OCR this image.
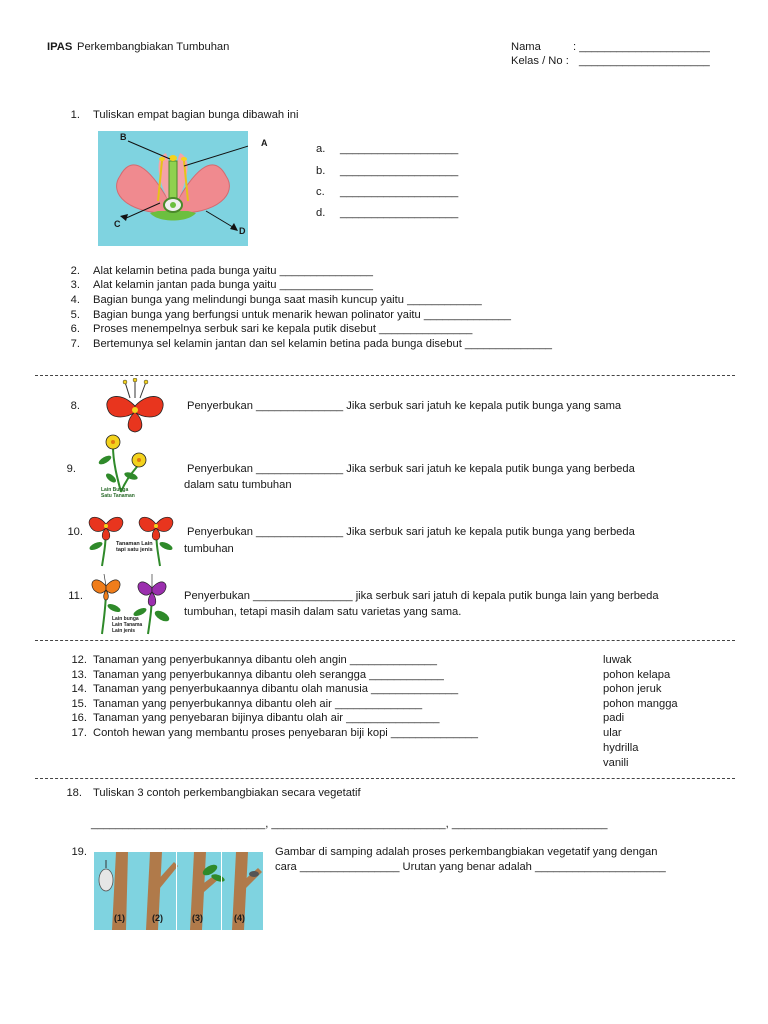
IPAS Perkembangbiakan Tumbuhan	Nama	: _____________________
Kelas / No : _____________________
1. Tuliskan empat bagian bunga dibawah ini
B
A
C
D
a. ___________________
b. ___________________
c. ___________________
d. ___________________
2. Alat kelamin betina pada bunga yaitu _______________
3. Alat kelamin jantan pada bunga yaitu _______________
4. Bagian bunga yang melindungi bunga saat masih kuncup yaitu ____________
5. Bagian bunga yang berfungsi untuk menarik hewan polinator yaitu ______________
6. Proses menempelnya serbuk sari ke kepala putik disebut _______________
7. Bertemunya sel kelamin jantan dan sel kelamin betina pada bunga disebut ______________
8.	Penyerbukan ______________ Jika serbuk sari jatuh ke kepala putik bunga yang sama
9.
Lain Bunga
Satu Tanaman
Penyerbukan ______________ Jika serbuk sari jatuh ke kepala putik bunga yang berbeda
dalam satu tumbuhan
10.
Tanaman Lain
tapi satu jenis
Penyerbukan ______________ Jika serbuk sari jatuh ke kepala putik bunga yang berbeda
tumbuhan
11.
Lain bunga
Lain Tanama
Lain jenis
Penyerbukan ________________ jika serbuk sari jatuh di kepala putik bunga lain yang berbeda
tumbuhan, tetapi masih dalam satu varietas yang sama.
12. Tanaman yang penyerbukannya dibantu oleh angin ______________
13. Tanaman yang penyerbukannya dibantu oleh serangga ____________
14. Tanaman yang penyerbukaannya dibantu olah manusia ______________
15. Tanaman yang penyerbukannya dibantu oleh air ______________
16. Tanaman yang penyebaran bijinya dibantu olah air _______________
17. Contoh hewan yang membantu proses penyebaran biji kopi ______________
luwak
pohon kelapa
pohon jeruk
pohon mangga
padi
ular
hydrilla
vanili
18. Tuliskan 3 contoh perkembangbiakan secara vegetatif
____________________________, ____________________________, _________________________
19.
(1)	(2)	(3)	(4)
Gambar di samping adalah proses perkembangbiakan vegetatif yang dengan
cara ________________ Urutan yang benar adalah _____________________
